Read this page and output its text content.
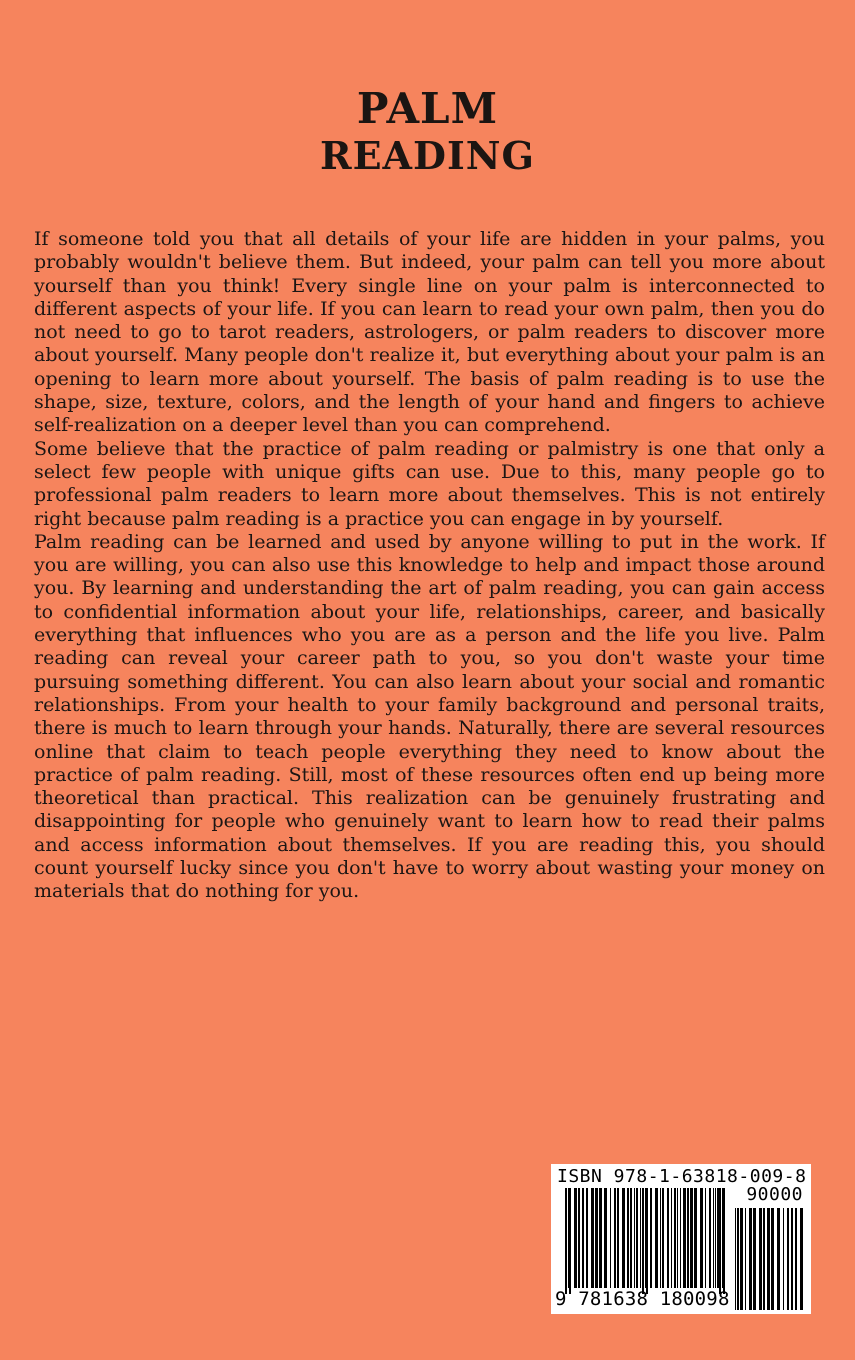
PALM
READING

If someone told you that all details of your life are hidden in your palms, you probably wouldn't believe them. But indeed, your palm can tell you more about yourself than you think! Every single line on your palm is interconnected to different aspects of your life. If you can learn to read your own palm, then you do not need to go to tarot readers, astrologers, or palm readers to discover more about yourself. Many people don't realize it, but everything about your palm is an opening to learn more about yourself. The basis of palm reading is to use the shape, size, texture, colors, and the length of your hand and fingers to achieve self-realization on a deeper level than you can comprehend.

Some believe that the practice of palm reading or palmistry is one that only a select few people with unique gifts can use. Due to this, many people go to professional palm readers to learn more about themselves. This is not entirely right because palm reading is a practice you can engage in by yourself.

Palm reading can be learned and used by anyone willing to put in the work. If you are willing, you can also use this knowledge to help and impact those around you. By learning and understanding the art of palm reading, you can gain access to confidential information about your life, relationships, career, and basically everything that influences who you are as a person and the life you live. Palm reading can reveal your career path to you, so you don't waste your time pursuing something different. You can also learn about your social and romantic relationships. From your health to your family background and personal traits, there is much to learn through your hands. Naturally, there are several resources online that claim to teach people everything they need to know about the practice of palm reading. Still, most of these resources often end up being more theoretical than practical. This realization can be genuinely frustrating and disappointing for people who genuinely want to learn how to read their palms and access information about themselves. If you are reading this, you should count yourself lucky since you don't have to worry about wasting your money on materials that do nothing for you.

ISBN 978-1-63818-009-8
90000
9 781638 180098
